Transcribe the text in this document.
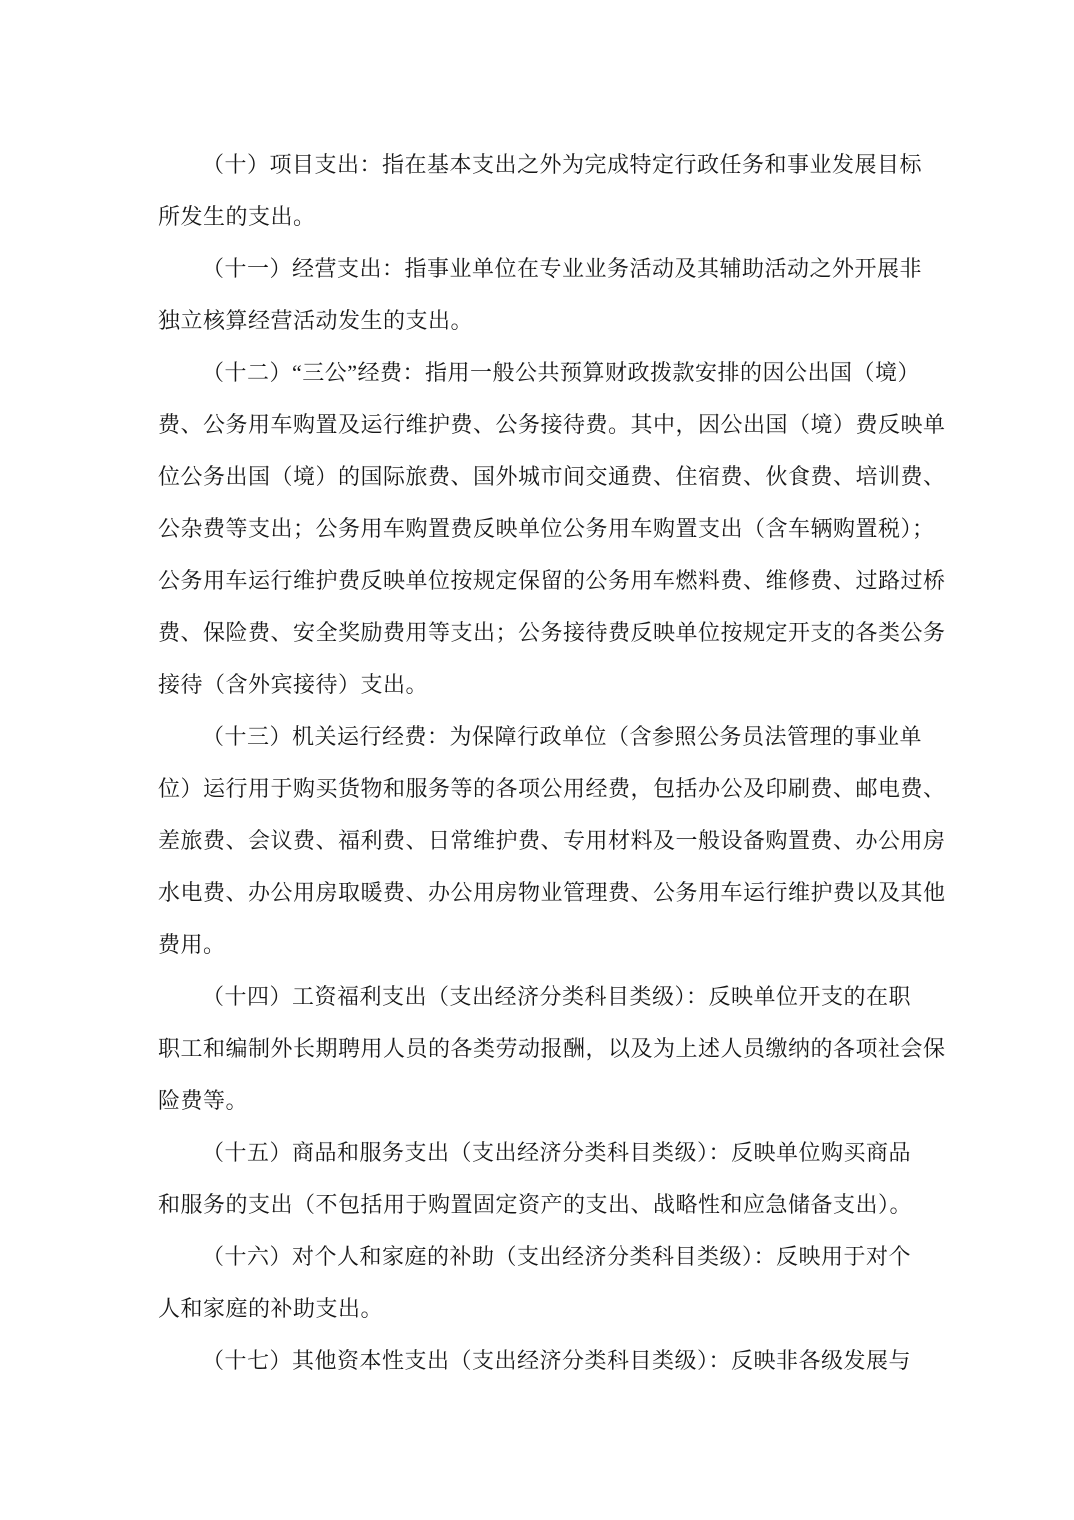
（十）项目支出：指在基本支出之外为完成特定行政任务和事业发展目标
所发生的支出。
（十一）经营支出：指事业单位在专业业务活动及其辅助活动之外开展非
独立核算经营活动发生的支出。
（十二）“三公”经费：指用一般公共预算财政拨款安排的因公出国（境）
费、公务用车购置及运行维护费、公务接待费。其中，因公出国（境）费反映单
位公务出国（境）的国际旅费、国外城市间交通费、住宿费、伙食费、培训费、
公杂费等支出；公务用车购置费反映单位公务用车购置支出（含车辆购置税）；
公务用车运行维护费反映单位按规定保留的公务用车燃料费、维修费、过路过桥
费、保险费、安全奖励费用等支出；公务接待费反映单位按规定开支的各类公务
接待（含外宾接待）支出。
（十三）机关运行经费：为保障行政单位（含参照公务员法管理的事业单
位）运行用于购买货物和服务等的各项公用经费，包括办公及印刷费、邮电费、
差旅费、会议费、福利费、日常维护费、专用材料及一般设备购置费、办公用房
水电费、办公用房取暖费、办公用房物业管理费、公务用车运行维护费以及其他
费用。
（十四）工资福利支出（支出经济分类科目类级）：反映单位开支的在职
职工和编制外长期聘用人员的各类劳动报酬，以及为上述人员缴纳的各项社会保
险费等。
（十五）商品和服务支出（支出经济分类科目类级）：反映单位购买商品
和服务的支出（不包括用于购置固定资产的支出、战略性和应急储备支出）。
（十六）对个人和家庭的补助（支出经济分类科目类级）：反映用于对个
人和家庭的补助支出。
（十七）其他资本性支出（支出经济分类科目类级）：反映非各级发展与
